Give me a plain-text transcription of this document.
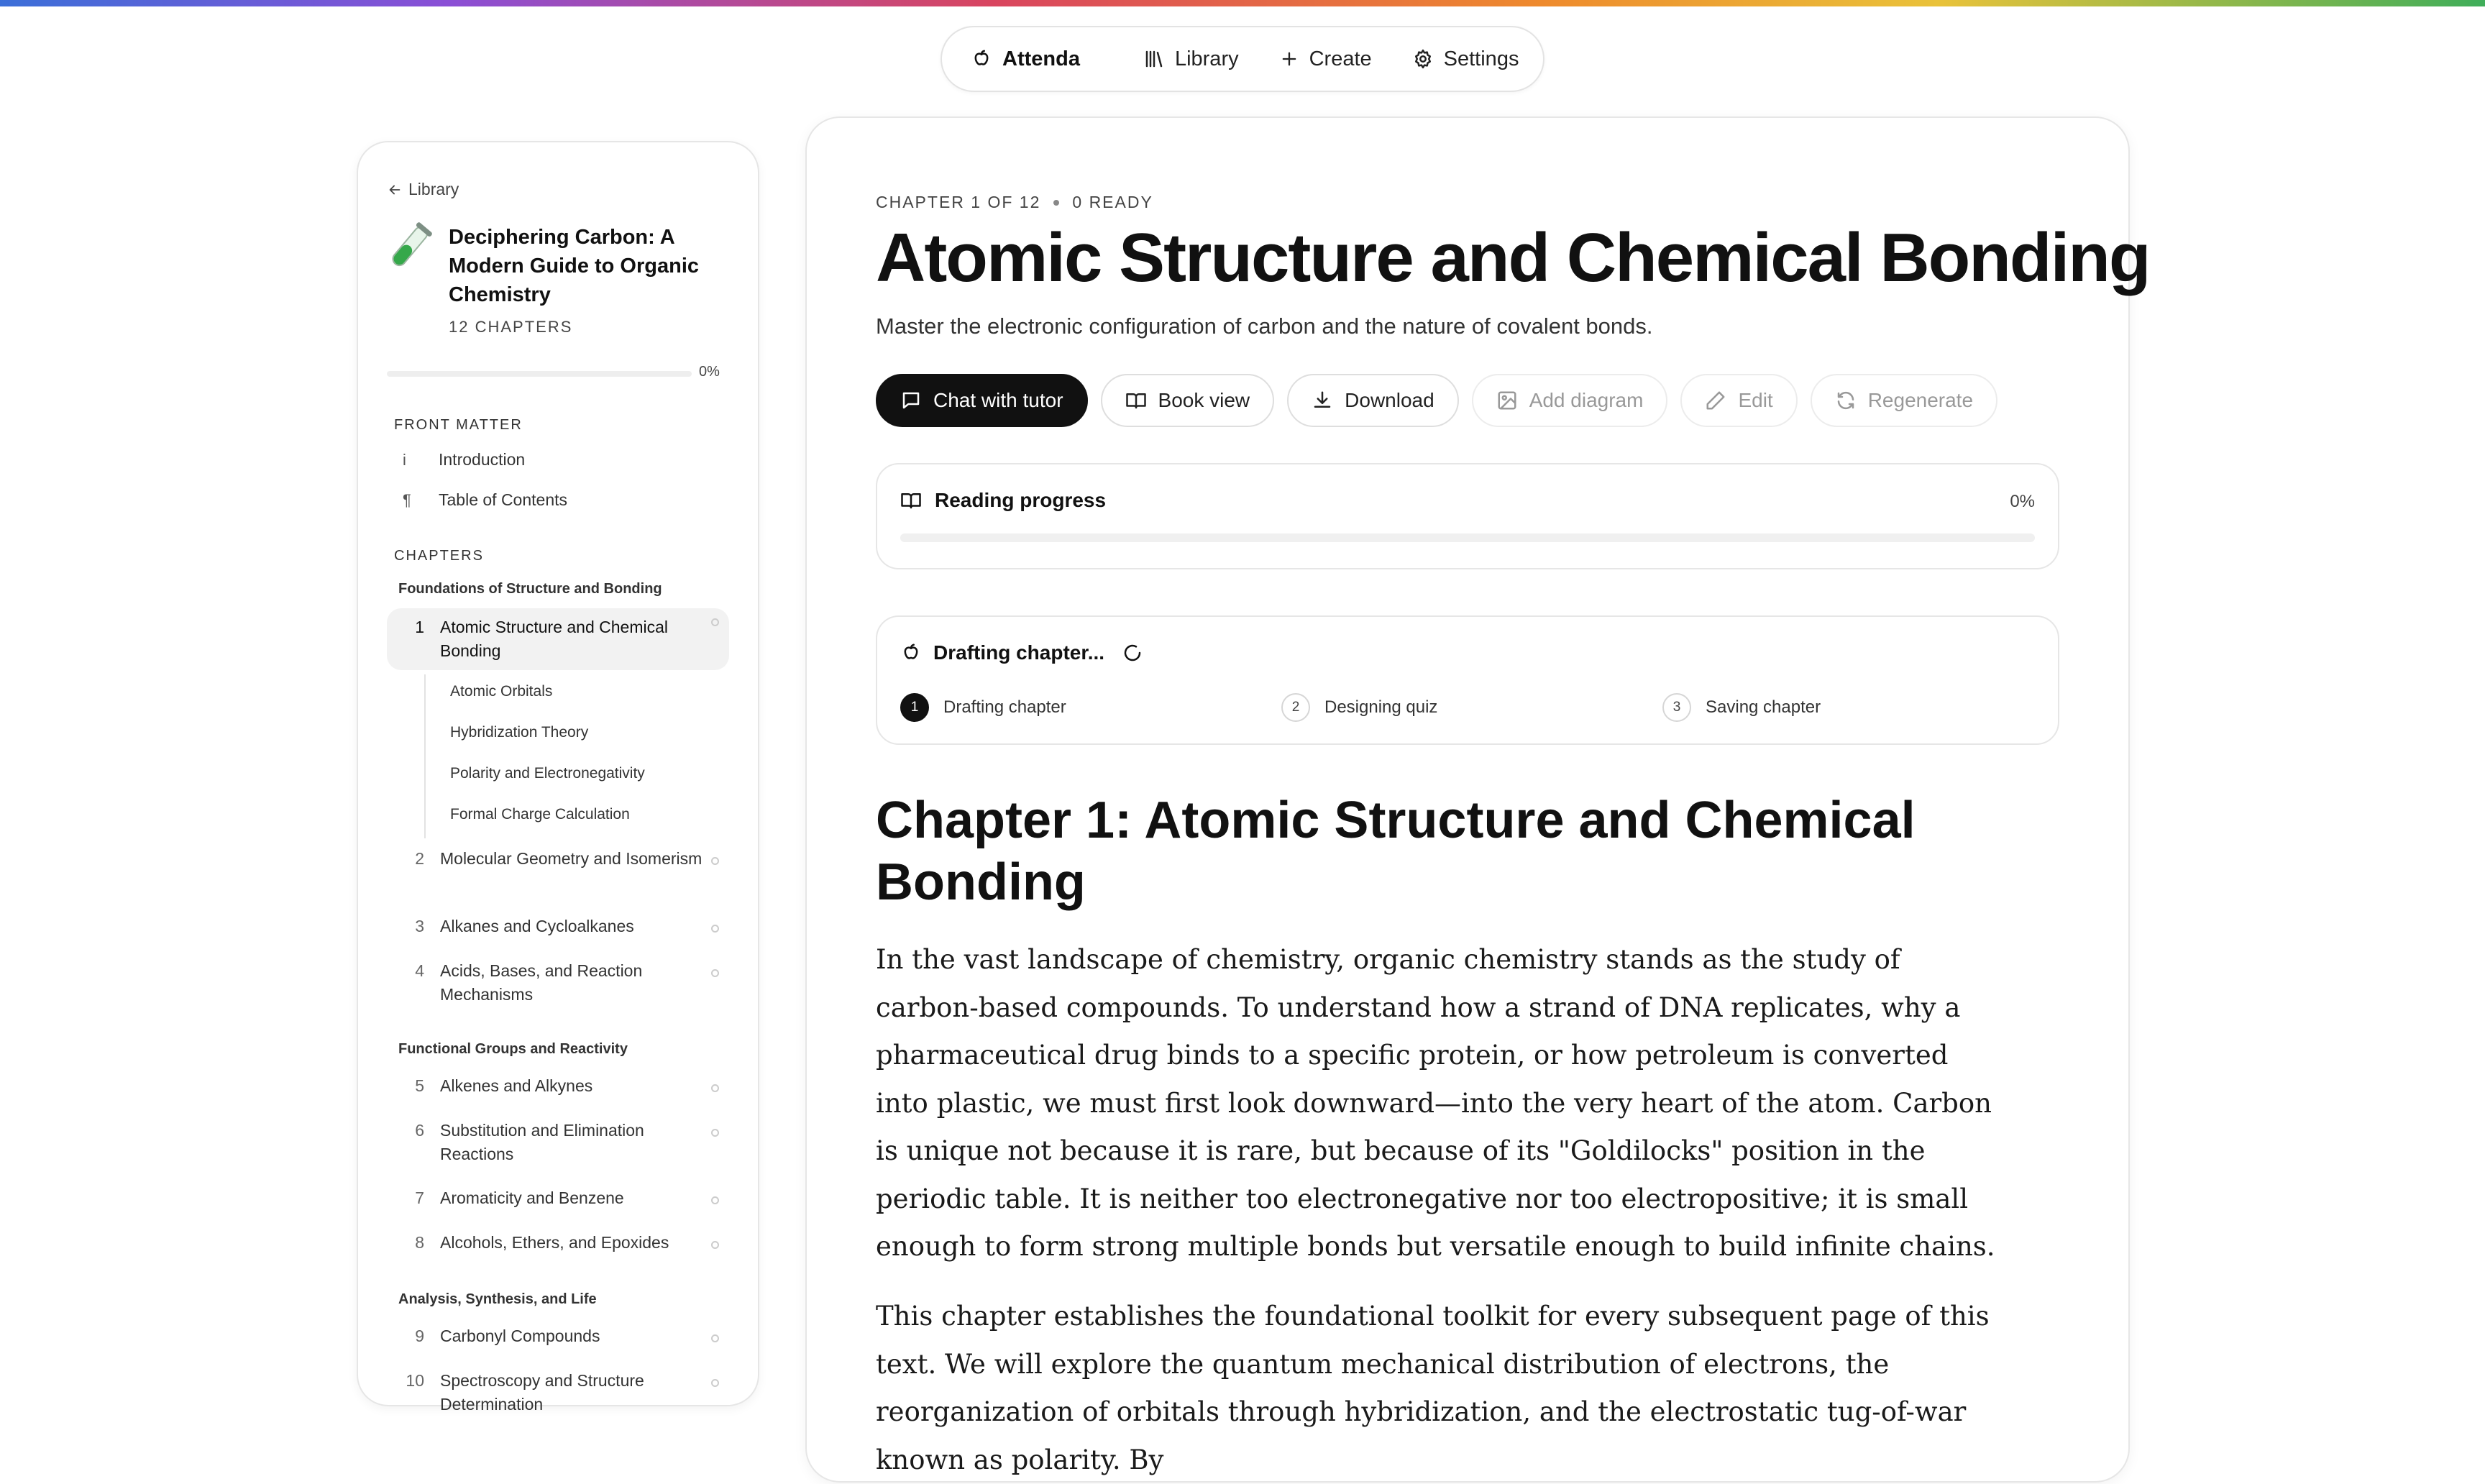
Attenda	Library	Create	Settings
Library
Deciphering Carbon: A Modern Guide to Organic Chemistry
12 CHAPTERS
0%
FRONT MATTER
i	Introduction
¶	Table of Contents
CHAPTERS
Foundations of Structure and Bonding
1 Atomic Structure and Chemical Bonding
Atomic Orbitals
Hybridization Theory
Polarity and Electronegativity
Formal Charge Calculation
2 Molecular Geometry and Isomerism
3 Alkanes and Cycloalkanes
4 Acids, Bases, and Reaction Mechanisms
Functional Groups and Reactivity
5 Alkenes and Alkynes
6 Substitution and Elimination Reactions
7 Aromaticity and Benzene
8 Alcohols, Ethers, and Epoxides
Analysis, Synthesis, and Life
9 Carbonyl Compounds
10 Spectroscopy and Structure Determination
CHAPTER 1 OF 12 0 READY
Atomic Structure and Chemical Bonding
Master the electronic configuration of carbon and the nature of covalent bonds.
Chat with tutor	Book view	Download	Add diagram	Edit	Regenerate
Reading progress	0%
Drafting chapter...
1	Drafting chapter	2	Designing quiz	3	Saving chapter
Chapter 1: Atomic Structure and Chemical Bonding
In the vast landscape of chemistry, organic chemistry stands as the study of carbon-based compounds. To understand how a strand of DNA replicates, why a pharmaceutical drug binds to a specific protein, or how petroleum is converted into plastic, we must first look downward—into the very heart of the atom. Carbon is unique not because it is rare, but because of its "Goldilocks" position in the periodic table. It is neither too electronegative nor too electropositive; it is small enough to form strong multiple bonds but versatile enough to build infinite chains.
This chapter establishes the foundational toolkit for every subsequent page of this text. We will explore the quantum mechanical distribution of electrons, the reorganization of orbitals through hybridization, and the electrostatic tug-of-war known as polarity. By
